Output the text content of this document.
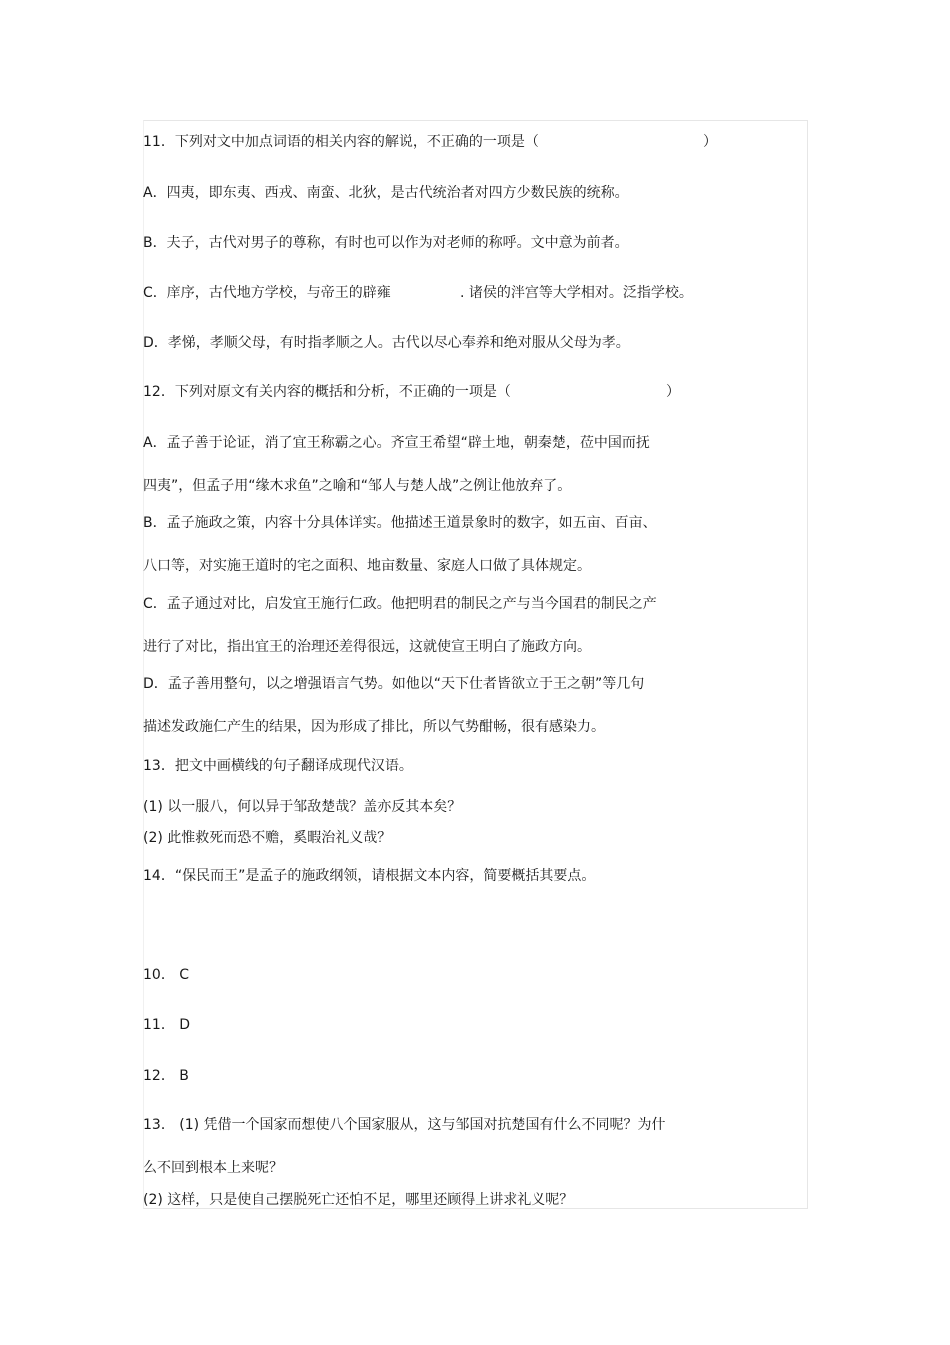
11．下列对文中加点词语的相关内容的解说，不正确的一项是（	）
A．四夷，即东夷、西戎、南蛮、北狄，是古代统治者对四方少数民族的统称。
B．夫子，古代对男子的尊称，有时也可以作为对老师的称呼。文中意为前者。
C．庠序，古代地方学校，与帝王的辟雍	. 诸侯的泮宫等大学相对。泛指学校。
D．孝悌，孝顺父母，有时指孝顺之人。古代以尽心奉养和绝对服从父母为孝。
12．下列对原文有关内容的概括和分析，不正确的一项是（	）
A．孟子善于论证，消了宜王称霸之心。齐宣王希望“辟土地，朝秦楚，莅中国而抚
四夷”，但孟子用“缘木求鱼”之喻和“邹人与楚人战”之例让他放弃了。
B．孟子施政之策，内容十分具体详实。他描述王道景象时的数字，如五亩、百亩、
八口等，对实施王道时的宅之面积、地亩数量、家庭人口做了具体规定。
C．孟子通过对比，启发宜王施行仁政。他把明君的制民之产与当今国君的制民之产
进行了对比，指出宜王的治理还差得很远，这就使宣王明白了施政方向。
D．孟子善用整句，以之增强语言气势。如他以“天下仕者皆欲立于王之朝”等几句
描述发政施仁产生的结果，因为形成了排比，所以气势酣畅，很有感染力。
13．把文中画横线的句子翻译成现代汉语。
(1) 以一服八，何以异于邹敌楚哉？盖亦反其本矣？
(2) 此惟救死而恐不赡，奚暇治礼义哉？
14．“保民而王”是孟子的施政纲领，请根据文本内容，简要概括其要点。
10． C
11． D
12． B
13． (1) 凭借一个国家而想使八个国家服从，这与邹国对抗楚国有什么不同呢？为什
么不回到根本上来呢？
(2) 这样，只是使自己摆脱死亡还怕不足，哪里还顾得上讲求礼义呢？
